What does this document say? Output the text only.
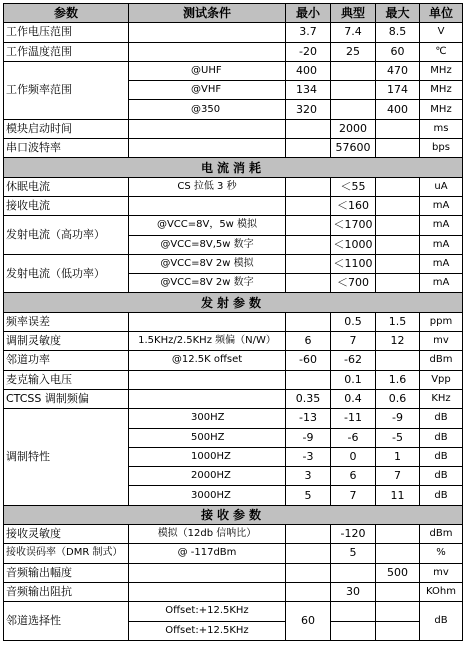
参数	测试条件	最小	典型	最大	单位
工作电压范围		3.7	7.4	8.5	V
工作温度范围		-20	25	60	℃
工作频率范围	@UHF	400		470	MHz
	@VHF	134		174	MHz
	@350	320		400	MHz
模块启动时间			2000		ms
串口波特率			57600		bps
电流消耗					
休眠电流	CS 拉低 3 秒		＜55		uA
接收电流			＜160		mA
发射电流（高功率）	@VCC=8V，5w 模拟		＜1700		mA
	@VCC=8V,5w 数字		＜1000		mA
发射电流（低功率）	@VCC=8V 2w 模拟		＜1100		mA
	@VCC=8V 2w 数字		＜700		mA
发射参数					
频率误差			0.5	1.5	ppm
调制灵敏度	1.5KHz/2.5KHz 频偏（N/W）	6	7	12	mv
邻道功率	@12.5K offset	-60	-62		dBm
麦克输入电压			0.1	1.6	Vpp
CTCSS 调制频偏		0.35	0.4	0.6	KHz
调制特性	300HZ	-13	-11	-9	dB
	500HZ	-9	-6	-5	dB
	1000HZ	-3	0	1	dB
	2000HZ	3	6	7	dB
	3000HZ	5	7	11	dB
接收参数					
接收灵敏度	模拟（12db 信呐比）		-120		dBm
接收误码率（DMR 制式）	@ -117dBm		5		%
音频输出幅度				500	mv
音频输出阻抗			30		KOhm
邻道选择性	Offset:+12.5KHz	60			dB
	Offset:+12.5KHz				
